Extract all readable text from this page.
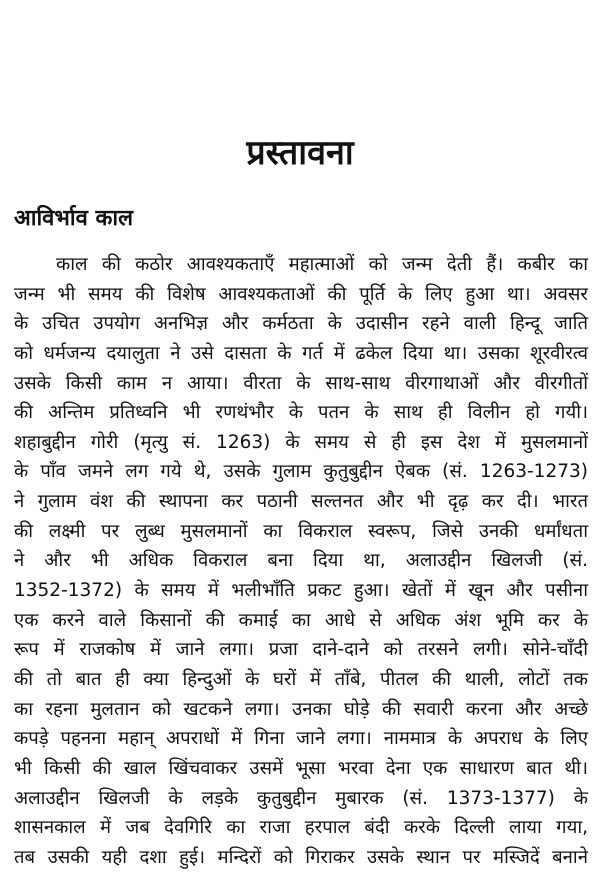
प्रस्तावना
आविर्भाव काल
काल की कठोर आवश्यकताएँ महात्माओं को जन्म देती हैं। कबीर का
जन्म भी समय की विशेष आवश्यकताओं की पूर्ति के लिए हुआ था। अवसर
के उचित उपयोग अनभिज्ञ और कर्मठता के उदासीन रहने वाली हिन्दू जाति
को धर्मजन्य दयालुता ने उसे दासता के गर्त में ढकेल दिया था। उसका शूरवीरत्व
उसके किसी काम न आया। वीरता के साथ-साथ वीरगाथाओं और वीरगीतों
की अन्तिम प्रतिध्वनि भी रणथंभौर के पतन के साथ ही विलीन हो गयी।
शहाबुद्दीन गोरी (मृत्यु सं. 1263) के समय से ही इस देश में मुसलमानों
के पाँव जमने लग गये थे, उसके गुलाम कुतुबुद्दीन ऐबक (सं. 1263-1273)
ने गुलाम वंश की स्थापना कर पठानी सल्तनत और भी दृढ़ कर दी। भारत
की लक्ष्मी पर लुब्ध मुसलमानों का विकराल स्वरूप, जिसे उनकी धर्मांधता
ने और भी अधिक विकराल बना दिया था, अलाउद्दीन खिलजी (सं.
1352-1372) के समय में भलीभाँति प्रकट हुआ। खेतों में खून और पसीना
एक करने वाले किसानों की कमाई का आधे से अधिक अंश भूमि कर के
रूप में राजकोष में जाने लगा। प्रजा दाने-दाने को तरसने लगी। सोने-चाँदी
की तो बात ही क्या हिन्दुओं के घरों में ताँबे, पीतल की थाली, लोटों तक
का रहना मुलतान को खटकने लगा। उनका घोड़े की सवारी करना और अच्छे
कपड़े पहनना महान् अपराधों में गिना जाने लगा। नाममात्र के अपराध के लिए
भी किसी की खाल खिंचवाकर उसमें भूसा भरवा देना एक साधारण बात थी।
अलाउद्दीन खिलजी के लड़के कुतुबुद्दीन मुबारक (सं. 1373-1377) के
शासनकाल में जब देवगिरि का राजा हरपाल बंदी करके दिल्ली लाया गया,
तब उसकी यही दशा हुई। मन्दिरों को गिराकर उसके स्थान पर मस्जिदें बनाने
